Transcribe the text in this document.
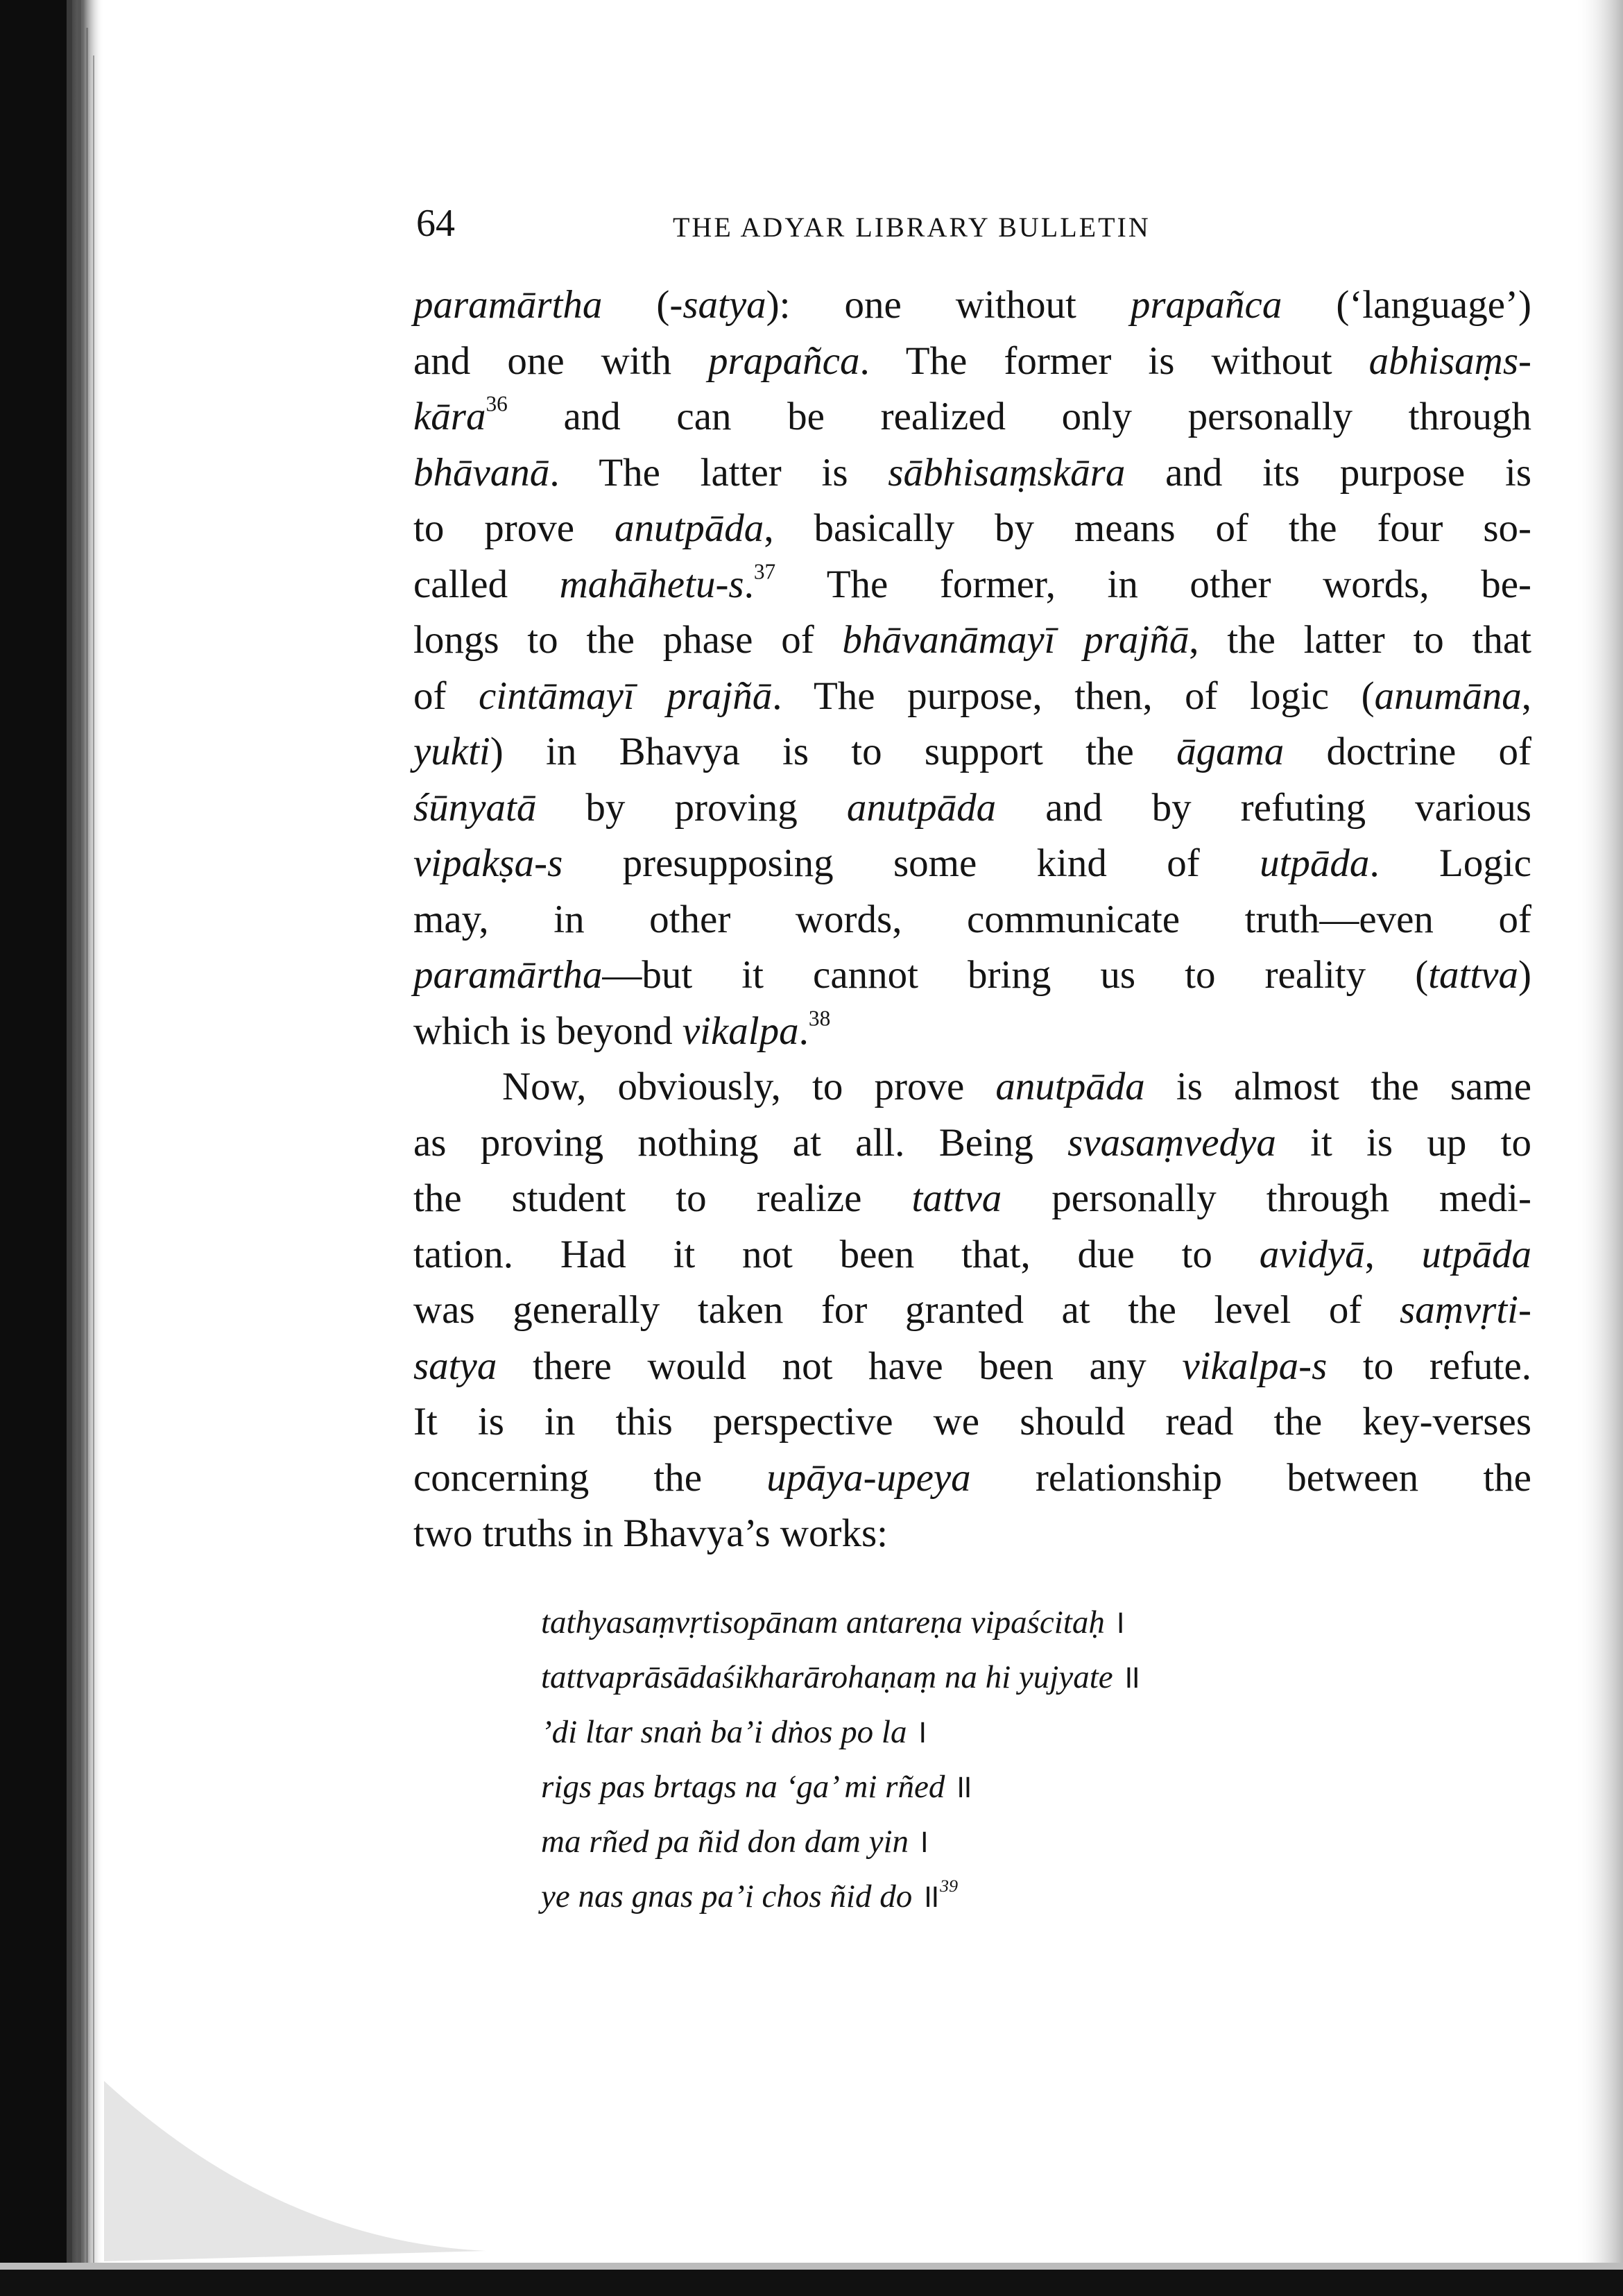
64	THE ADYAR LIBRARY BULLETIN
paramārtha (-satya): one without prapañca (‘language’)
and one with prapañca. The former is without abhisaṃs-
kāra$^{36}$ and can be realized only personally through
bhāvanā. The latter is sābhisaṃskāra and its purpose is
to prove anutpāda, basically by means of the four so-
called mahāhetu-s.$^{37}$ The former, in other words, be-
longs to the phase of bhāvanāmayī prajñā, the latter to that
of cintāmayī prajñā. The purpose, then, of logic (anumāna,
yukti) in Bhavya is to support the āgama doctrine of
śūnyatā by proving anutpāda and by refuting various
vipakṣa-s presupposing some kind of utpāda. Logic
may, in other words, communicate truth—even of
paramārtha—but it cannot bring us to reality (tattva)
which is beyond vikalpa.$^{38}$
Now, obviously, to prove anutpāda is almost the same
as proving nothing at all. Being svasaṃvedya it is up to
the student to realize tattva personally through medi-
tation. Had it not been that, due to avidyā, utpāda
was generally taken for granted at the level of saṃvṛti-
satya there would not have been any vikalpa-s to refute.
It is in this perspective we should read the key-verses
concerning the upāya-upeya relationship between the
two truths in Bhavya’s works:
tathyasaṃvṛtisopānam antareṇa vipaścitaḥ ।
tattvaprāsādaśikharārohaṇaṃ na hi yujyate ॥
’di ltar snaṅ ba’i dṅos po la ।
rigs pas brtags na ‘ga’ mi rñed ॥
ma rñed pa ñid don dam yin ।
ye nas gnas pa’i chos ñid do ॥$^{39}$
